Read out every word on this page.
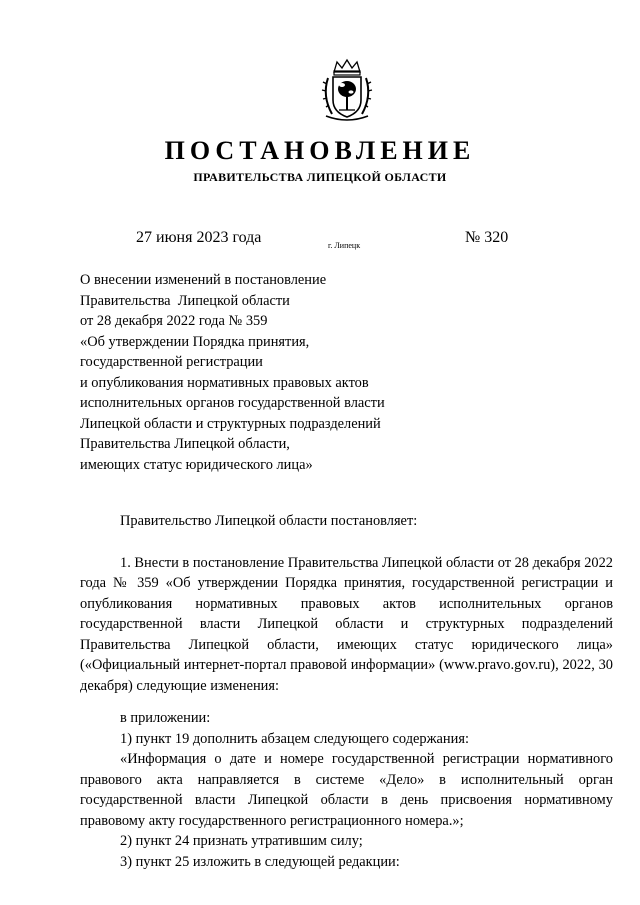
ПОСТАНОВЛЕНИЕ
ПРАВИТЕЛЬСТВА ЛИПЕЦКОЙ ОБЛАСТИ
27 июня 2023 года	г. Липецк	№ 320
О внесении изменений в постановление
Правительства  Липецкой области
от 28 декабря 2022 года № 359
«Об утверждении Порядка принятия,
государственной регистрации
и опубликования нормативных правовых актов
исполнительных органов государственной власти
Липецкой области и структурных подразделений
Правительства Липецкой области,
имеющих статус юридического лица»
Правительство Липецкой области постановляет:
1. Внести в постановление Правительства Липецкой области от 28 декабря 2022 года № 359 «Об утверждении Порядка принятия, государственной регистрации и опубликования нормативных правовых актов исполнительных органов государственной власти Липецкой области и структурных подразделений Правительства Липецкой области, имеющих статус юридического лица» («Официальный интернет-портал правовой информации» (www.pravo.gov.ru), 2022, 30 декабря) следующие изменения:
в приложении:
1) пункт 19 дополнить абзацем следующего содержания:
«Информация о дате и номере государственной регистрации нормативного правового акта направляется в системе «Дело» в исполнительный орган государственной власти Липецкой области в день присвоения нормативному правовому акту государственного регистрационного номера.»;
2) пункт 24 признать утратившим силу;
3) пункт 25 изложить в следующей редакции:
